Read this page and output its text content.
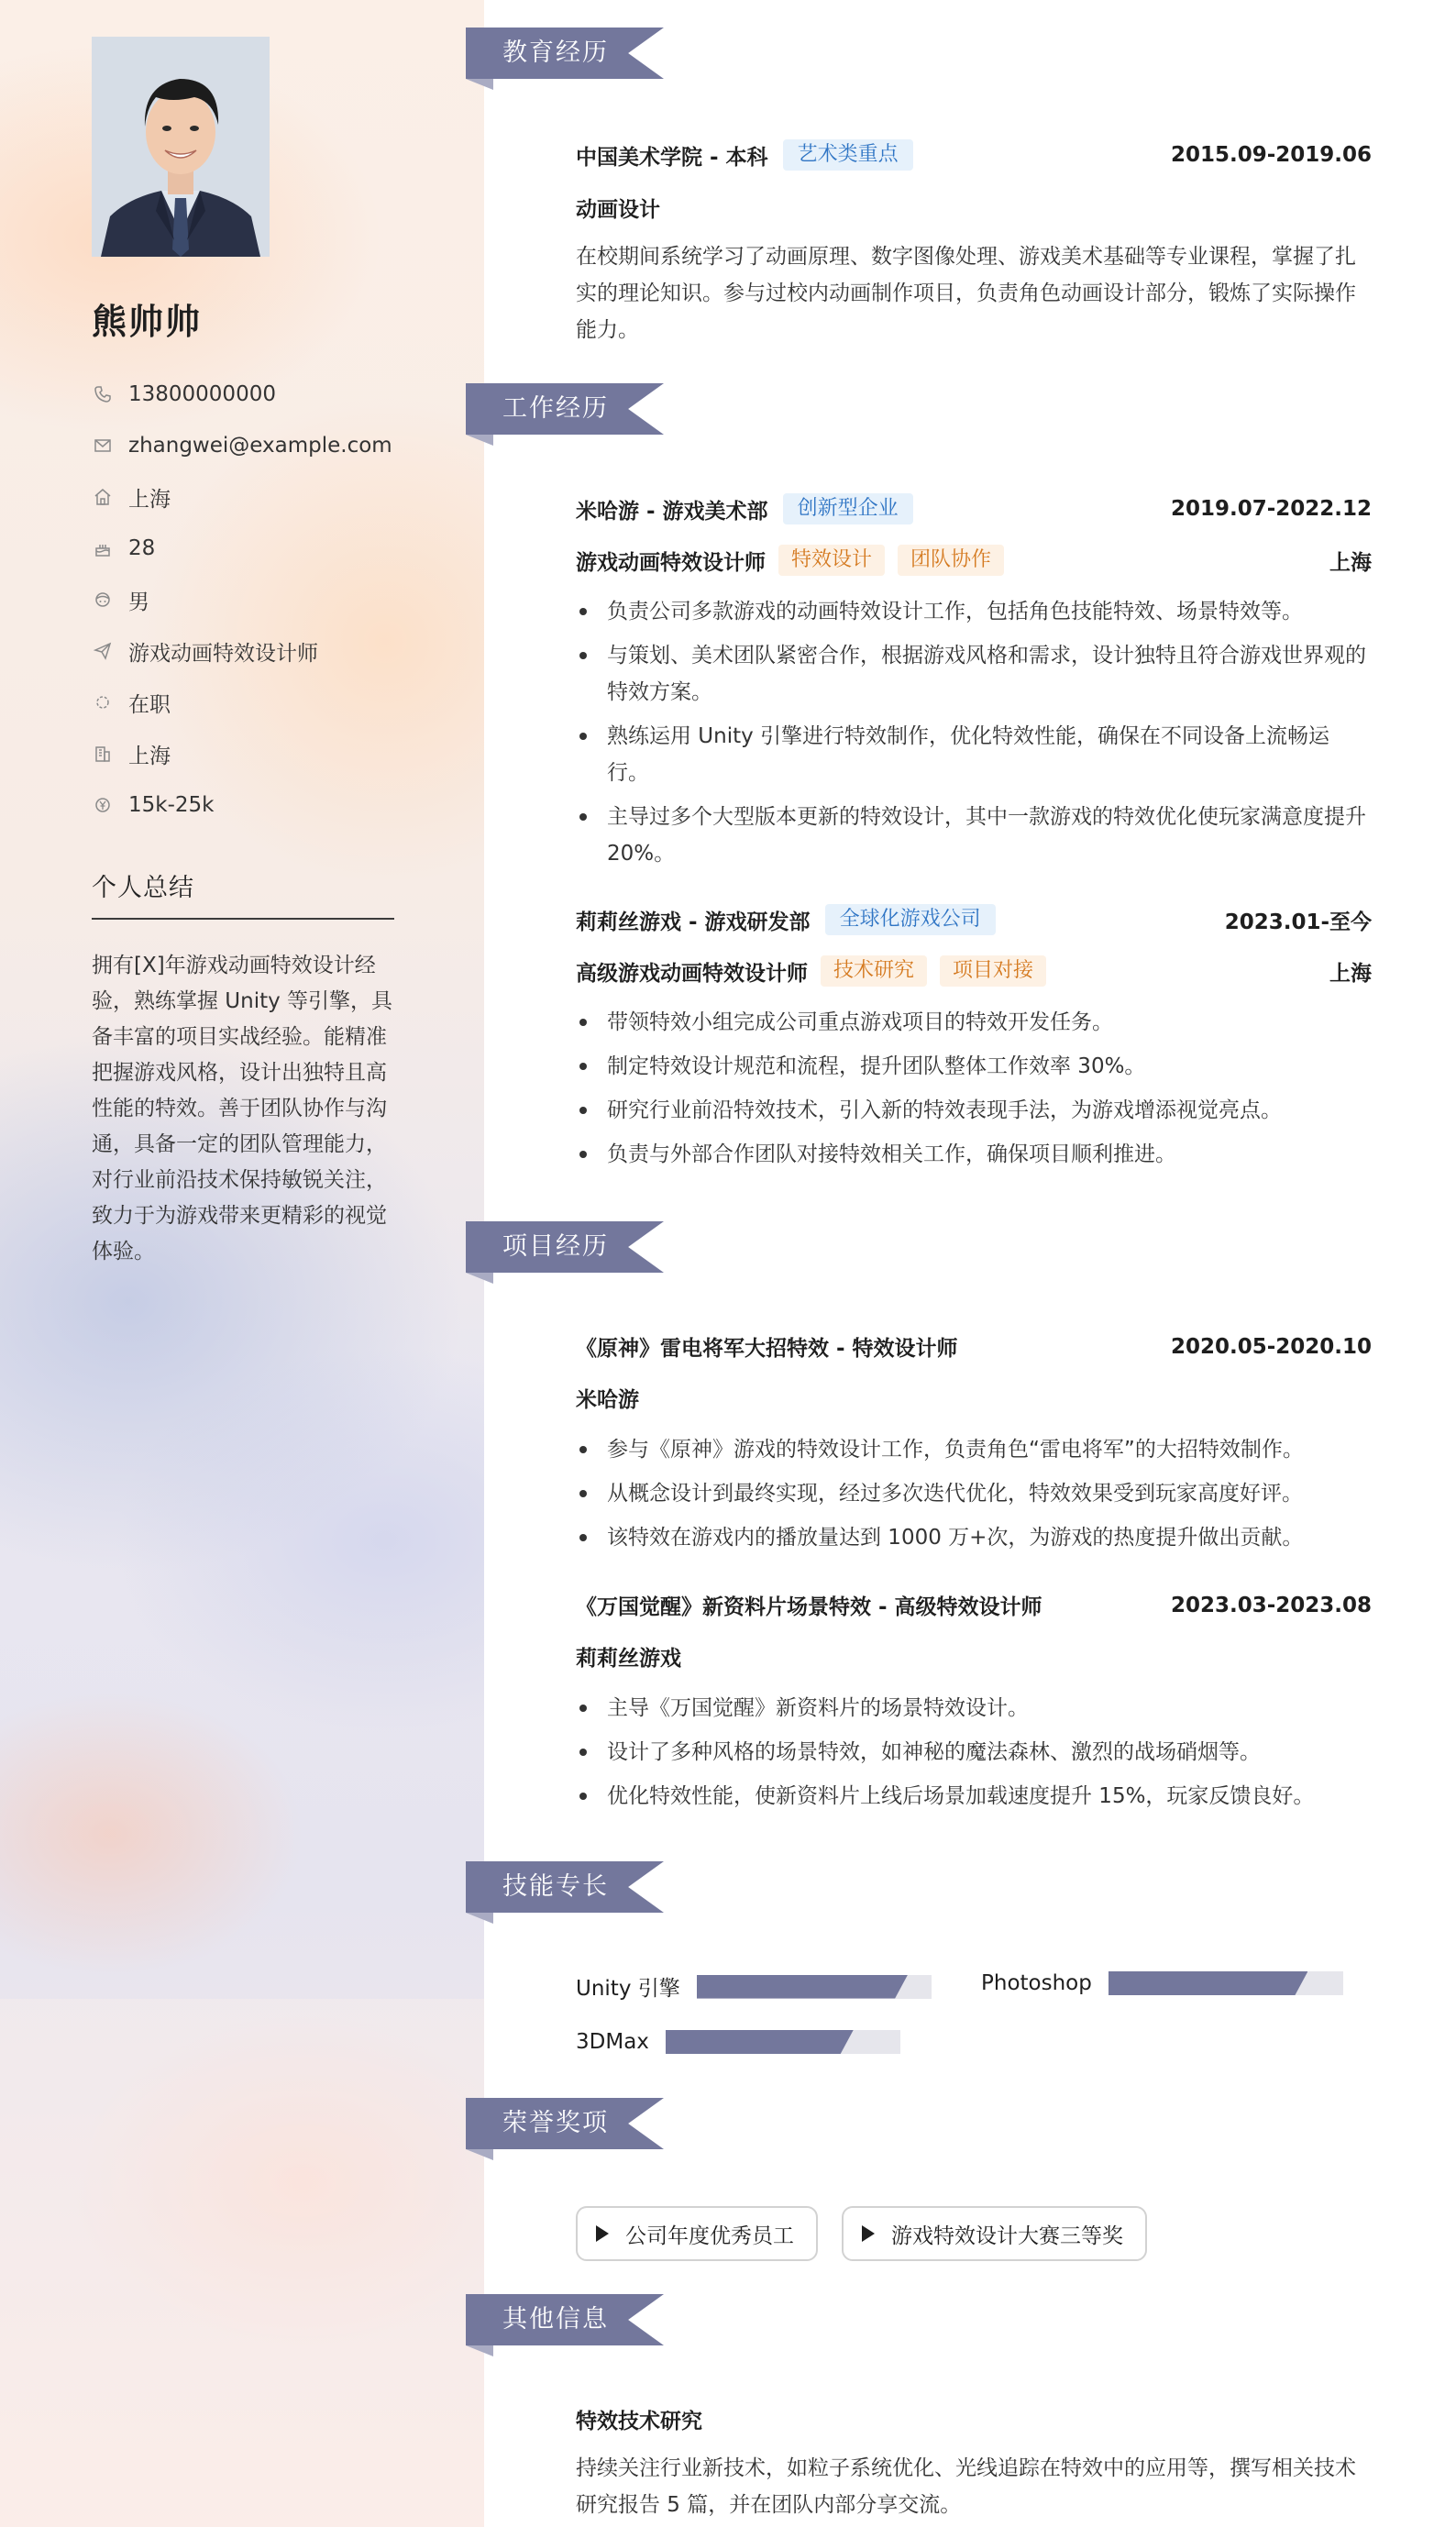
熊帅帅
13800000000
zhangwei@example.com
上海
28
男
游戏动画特效设计师
在职
上海
15k-25k
个人总结
拥有[X]年游戏动画特效设计经验，熟练掌握 Unity 等引擎，具备丰富的项目实战经验。能精准把握游戏风格，设计出独特且高性能的特效。善于团队协作与沟通，具备一定的团队管理能力，对行业前沿技术保持敏锐关注，致力于为游戏带来更精彩的视觉体验。
教育经历
中国美术学院 - 本科	艺术类重点	2015.09-2019.06
动画设计
在校期间系统学习了动画原理、数字图像处理、游戏美术基础等专业课程，掌握了扎实的理论知识。参与过校内动画制作项目，负责角色动画设计部分，锻炼了实际操作能力。
工作经历
米哈游 - 游戏美术部	创新型企业	2019.07-2022.12
游戏动画特效设计师	特效设计	团队协作	上海
负责公司多款游戏的动画特效设计工作，包括角色技能特效、场景特效等。
与策划、美术团队紧密合作，根据游戏风格和需求，设计独特且符合游戏世界观的特效方案。
熟练运用 Unity 引擎进行特效制作，优化特效性能，确保在不同设备上流畅运行。
主导过多个大型版本更新的特效设计，其中一款游戏的特效优化使玩家满意度提升 20%。
莉莉丝游戏 - 游戏研发部	全球化游戏公司	2023.01-至今
高级游戏动画特效设计师	技术研究	项目对接	上海
带领特效小组完成公司重点游戏项目的特效开发任务。
制定特效设计规范和流程，提升团队整体工作效率 30%。
研究行业前沿特效技术，引入新的特效表现手法，为游戏增添视觉亮点。
负责与外部合作团队对接特效相关工作，确保项目顺利推进。
项目经历
《原神》雷电将军大招特效 - 特效设计师	2020.05-2020.10
米哈游
参与《原神》游戏的特效设计工作，负责角色“雷电将军”的大招特效制作。
从概念设计到最终实现，经过多次迭代优化，特效效果受到玩家高度好评。
该特效在游戏内的播放量达到 1000 万+次，为游戏的热度提升做出贡献。
《万国觉醒》新资料片场景特效 - 高级特效设计师	2023.03-2023.08
莉莉丝游戏
主导《万国觉醒》新资料片的场景特效设计。
设计了多种风格的场景特效，如神秘的魔法森林、激烈的战场硝烟等。
优化特效性能，使新资料片上线后场景加载速度提升 15%，玩家反馈良好。
技能专长
Unity 引擎	Photoshop
3DMax
荣誉奖项
公司年度优秀员工	游戏特效设计大赛三等奖
其他信息
特效技术研究
持续关注行业新技术，如粒子系统优化、光线追踪在特效中的应用等，撰写相关技术研究报告 5 篇，并在团队内部分享交流。
